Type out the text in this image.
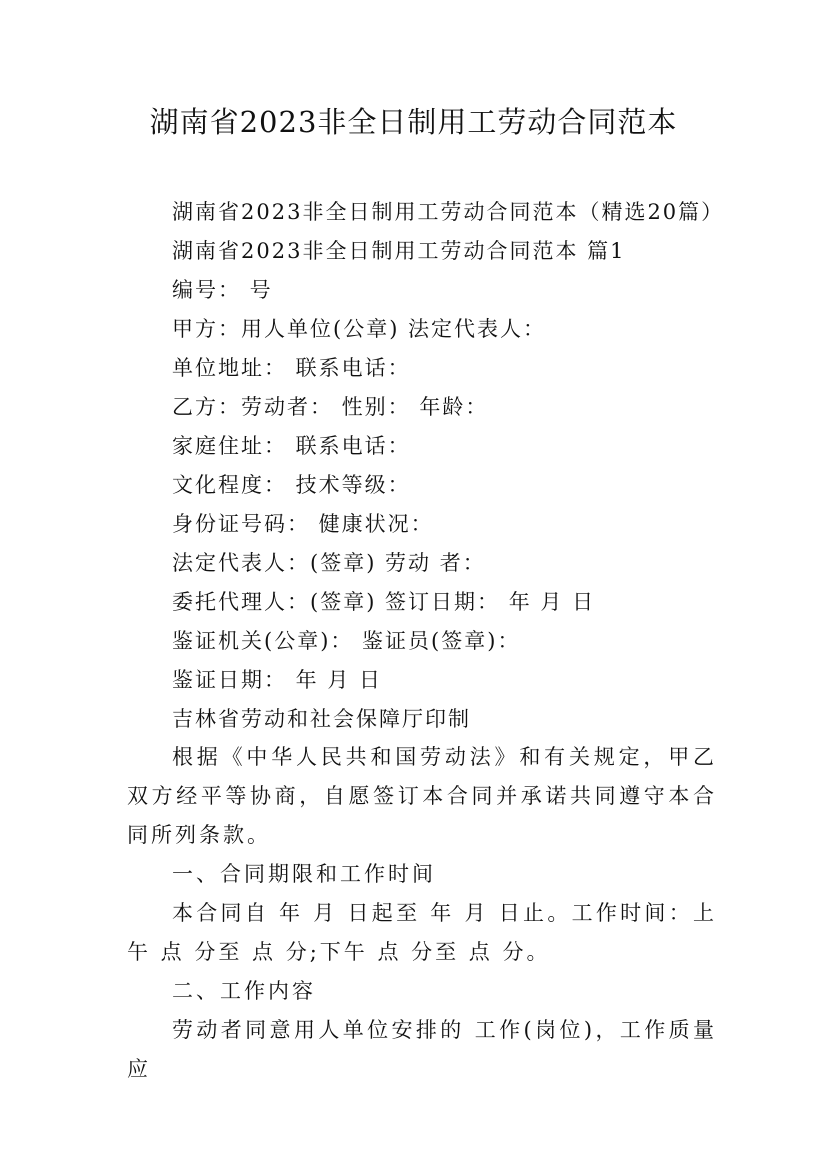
湖南省2023非全日制用工劳动合同范本
湖南省2023非全日制用工劳动合同范本（精选20篇）
湖南省2023非全日制用工劳动合同范本 篇1
编号： 号
甲方：用人单位(公章) 法定代表人：
单位地址： 联系电话：
乙方：劳动者： 性别： 年龄：
家庭住址： 联系电话：
文化程度： 技术等级：
身份证号码： 健康状况：
法定代表人：(签章) 劳动 者：
委托代理人：(签章) 签订日期： 年 月 日
鉴证机关(公章)： 鉴证员(签章)：
鉴证日期： 年 月 日
吉林省劳动和社会保障厅印制
根据《中华人民共和国劳动法》和有关规定，甲乙双方经平等协商，自愿签订本合同并承诺共同遵守本合同所列条款。
一、合同期限和工作时间
本合同自 年 月 日起至 年 月 日止。工作时间：上午 点 分至 点 分;下午 点 分至 点 分。
二、工作内容
劳动者同意用人单位安排的 工作(岗位)，工作质量应
